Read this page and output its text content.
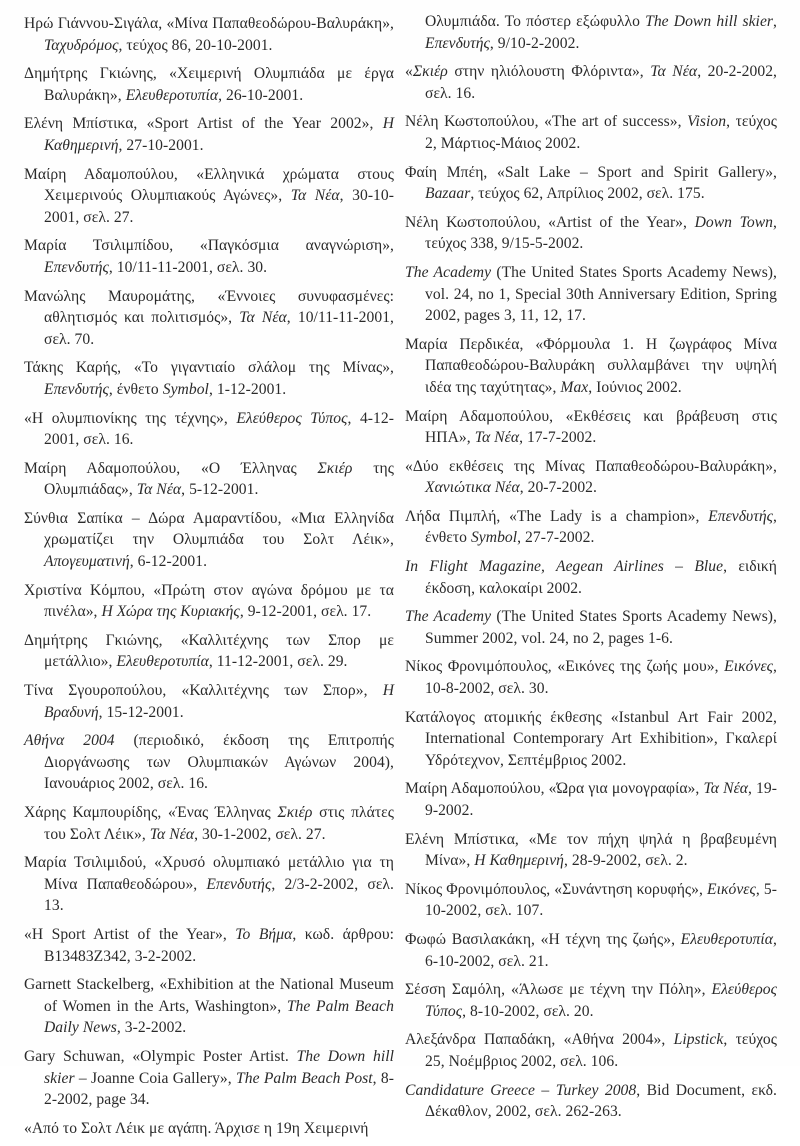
Ηρώ Γιάννου-Σιγάλα, «Μίνα Παπαθεοδώρου-Βαλυράκη», Ταχυδρόμος, τεύχος 86, 20-10-2001.

Δημήτρης Γκιώνης, «Χειμερινή Ολυμπιάδα με έργα Βαλυράκη», Ελευθεροτυπία, 26-10-2001.

Ελένη Μπίστικα, «Sport Artist of the Year 2002», Η Καθημερινή, 27-10-2001.

Μαίρη Αδαμοπούλου, «Ελληνικά χρώματα στους Χειμερινούς Ολυμπιακούς Αγώνες», Τα Νέα, 30-10-2001, σελ. 27.

Μαρία Τσιλιμπίδου, «Παγκόσμια αναγνώριση», Επενδυτής, 10/11-11-2001, σελ. 30.

Μανώλης Μαυρομάτης, «Έννοιες συνυφασμένες: αθλητισμός και πολιτισμός», Τα Νέα, 10/11-11-2001, σελ. 70.

Τάκης Καρής, «Το γιγαντιαίο σλάλομ της Μίνας», Επενδυτής, ένθετο Symbol, 1-12-2001.

«Η ολυμπιονίκης της τέχνης», Ελεύθερος Τύπος, 4-12-2001, σελ. 16.

Μαίρη Αδαμοπούλου, «Ο Έλληνας Σκιέρ της Ολυμπιάδας», Τα Νέα, 5-12-2001.

Σύνθια Σαπίκα – Δώρα Αμαραντίδου, «Μια Ελληνίδα χρωματίζει την Ολυμπιάδα του Σολτ Λέικ», Απογευματινή, 6-12-2001.

Χριστίνα Κόμπου, «Πρώτη στον αγώνα δρόμου με τα πινέλα», Η Χώρα της Κυριακής, 9-12-2001, σελ. 17.

Δημήτρης Γκιώνης, «Καλλιτέχνης των Σπορ με μετάλλιο», Ελευθεροτυπία, 11-12-2001, σελ. 29.

Τίνα Σγουροπούλου, «Καλλιτέχνης των Σπορ», Η Βραδυνή, 15-12-2001.

Αθήνα 2004 (περιοδικό, έκδοση της Επιτροπής Διοργάνωσης των Ολυμπιακών Αγώνων 2004), Ιανουάριος 2002, σελ. 16.

Χάρης Καμπουρίδης, «Ένας Έλληνας Σκιέρ στις πλάτες του Σολτ Λέικ», Τα Νέα, 30-1-2002, σελ. 27.

Μαρία Τσιλιμιδού, «Χρυσό ολυμπιακό μετάλλιο για τη Μίνα Παπαθεοδώρου», Επενδυτής, 2/3-2-2002, σελ. 13.

«Η Sport Artist of the Year», Το Βήμα, κωδ. άρθρου: B13483Z342, 3-2-2002.

Garnett Stackelberg, «Exhibition at the National Museum of Women in the Arts, Washington», The Palm Beach Daily News, 3-2-2002.

Gary Schuwan, «Olympic Poster Artist. The Down hill skier – Joanne Coia Gallery», The Palm Beach Post, 8-2-2002, page 34.

«Από το Σολτ Λέικ με αγάπη. Άρχισε η 19η Χειμερινή

Ολυμπιάδα. Το πόστερ εξώφυλλο The Down hill skier, Επενδυτής, 9/10-2-2002.

«Σκιέρ στην ηλιόλουστη Φλόριντα», Τα Νέα, 20-2-2002, σελ. 16.

Νέλη Κωστοπούλου, «The art of success», Vision, τεύχος 2, Μάρτιος-Μάιος 2002.

Φαίη Μπέη, «Salt Lake – Sport and Spirit Gallery», Bazaar, τεύχος 62, Απρίλιος 2002, σελ. 175.

Νέλη Κωστοπούλου, «Artist of the Year», Down Town, τεύχος 338, 9/15-5-2002.

The Academy (The United States Sports Academy News), vol. 24, no 1, Special 30th Anniversary Edition, Spring 2002, pages 3, 11, 12, 17.

Μαρία Περδικέα, «Φόρμουλα 1. Η ζωγράφος Μίνα Παπαθεοδώρου-Βαλυράκη συλλαμβάνει την υψηλή ιδέα της ταχύτητας», Max, Ιούνιος 2002.

Μαίρη Αδαμοπούλου, «Εκθέσεις και βράβευση στις ΗΠΑ», Τα Νέα, 17-7-2002.

«Δύο εκθέσεις της Μίνας Παπαθεοδώρου-Βαλυράκη», Χανιώτικα Νέα, 20-7-2002.

Λήδα Πιμπλή, «The Lady is a champion», Επενδυτής, ένθετο Symbol, 27-7-2002.

In Flight Magazine, Aegean Airlines – Blue, ειδική έκδοση, καλοκαίρι 2002.

The Academy (The United States Sports Academy News), Summer 2002, vol. 24, no 2, pages 1-6.

Νίκος Φρονιμόπουλος, «Εικόνες της ζωής μου», Εικόνες, 10-8-2002, σελ. 30.

Κατάλογος ατομικής έκθεσης «Istanbul Art Fair 2002, International Contemporary Art Exhibition», Γκαλερί Υδρότεχνον, Σεπτέμβριος 2002.

Μαίρη Αδαμοπούλου, «Ώρα για μονογραφία», Τα Νέα, 19-9-2002.

Ελένη Μπίστικα, «Με τον πήχη ψηλά η βραβευμένη Μίνα», Η Καθημερινή, 28-9-2002, σελ. 2.

Νίκος Φρονιμόπουλος, «Συνάντηση κορυφής», Εικόνες, 5-10-2002, σελ. 107.

Φωφώ Βασιλακάκη, «Η τέχνη της ζωής», Ελευθεροτυπία, 6-10-2002, σελ. 21.

Σέσση Σαμόλη, «Άλωσε με τέχνη την Πόλη», Ελεύθερος Τύπος, 8-10-2002, σελ. 20.

Αλεξάνδρα Παπαδάκη, «Αθήνα 2004», Lipstick, τεύχος 25, Νοέμβριος 2002, σελ. 106.

Candidature Greece – Turkey 2008, Bid Document, εκδ. Δέκαθλον, 2002, σελ. 262-263.
